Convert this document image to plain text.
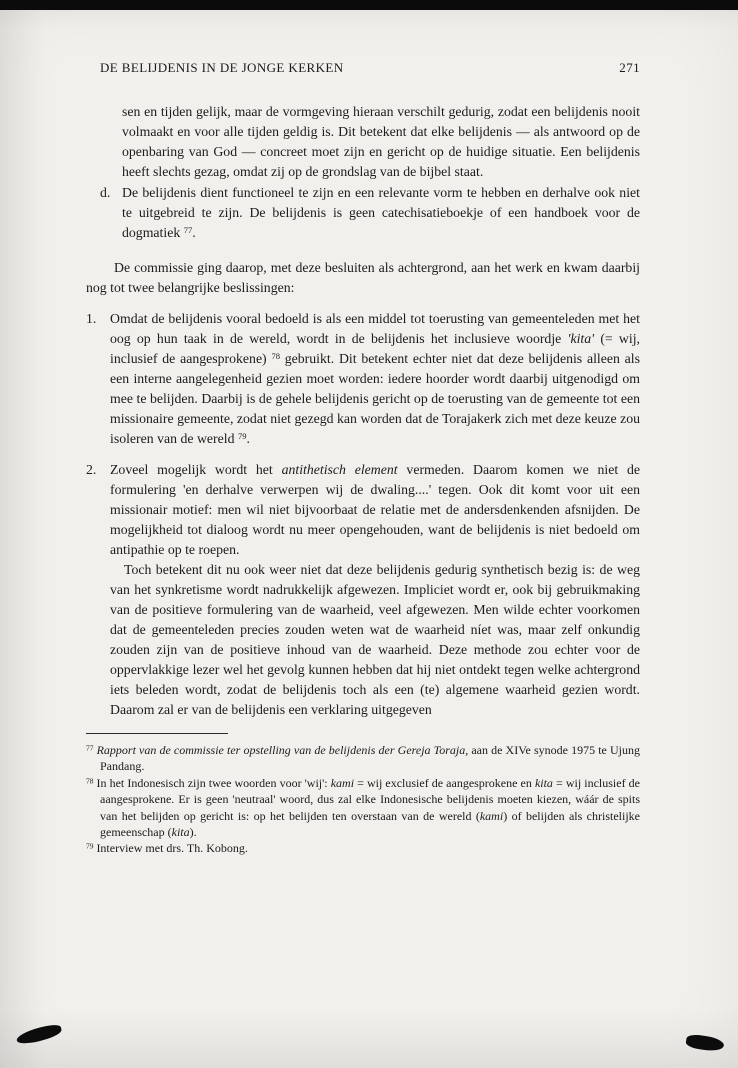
DE BELIJDENIS IN DE JONGE KERKEN	271
sen en tijden gelijk, maar de vormgeving hieraan verschilt gedurig, zodat een belijdenis nooit volmaakt en voor alle tijden geldig is. Dit betekent dat elke belijdenis — als antwoord op de openbaring van God — concreet moet zijn en gericht op de huidige situatie. Een belijdenis heeft slechts gezag, omdat zij op de grondslag van de bijbel staat.
d. De belijdenis dient functioneel te zijn en een relevante vorm te hebben en derhalve ook niet te uitgebreid te zijn. De belijdenis is geen catechisatieboekje of een handboek voor de dogmatiek $^{77}$.
De commissie ging daarop, met deze besluiten als achtergrond, aan het werk en kwam daarbij nog tot twee belangrijke beslissingen:
1. Omdat de belijdenis vooral bedoeld is als een middel tot toerusting van gemeenteleden met het oog op hun taak in de wereld, wordt in de belijdenis het inclusieve woordje 'kita' (= wij, inclusief de aangesprokene) $^{78}$ gebruikt. Dit betekent echter niet dat deze belijdenis alleen als een interne aangelegenheid gezien moet worden: iedere hoorder wordt daarbij uitgenodigd om mee te belijden. Daarbij is de gehele belijdenis gericht op de toerusting van de gemeente tot een missionaire gemeente, zodat niet gezegd kan worden dat de Torajakerk zich met deze keuze zou isoleren van de wereld $^{79}$.
2. Zoveel mogelijk wordt het antithetisch element vermeden. Daarom komen we niet de formulering 'en derhalve verwerpen wij de dwaling....' tegen. Ook dit komt voor uit een missionair motief: men wil niet bijvoorbaat de relatie met de andersdenkenden afsnijden. De mogelijkheid tot dialoog wordt nu meer opengehouden, want de belijdenis is niet bedoeld om antipathie op te roepen.
Toch betekent dit nu ook weer niet dat deze belijdenis gedurig synthetisch bezig is: de weg van het synkretisme wordt nadrukkelijk afgewezen. Impliciet wordt er, ook bij gebruikmaking van de positieve formulering van de waarheid, veel afgewezen. Men wilde echter voorkomen dat de gemeenteleden precies zouden weten wat de waarheid níet was, maar zelf onkundig zouden zijn van de positieve inhoud van de waarheid. Deze methode zou echter voor de oppervlakkige lezer wel het gevolg kunnen hebben dat hij niet ontdekt tegen welke achtergrond iets beleden wordt, zodat de belijdenis toch als een (te) algemene waarheid gezien wordt. Daarom zal er van de belijdenis een verklaring uitgegeven
$^{77}$ Rapport van de commissie ter opstelling van de belijdenis der Gereja Toraja, aan de XIVe synode 1975 te Ujung Pandang.
$^{78}$ In het Indonesisch zijn twee woorden voor 'wij': kami = wij exclusief de aangesprokene en kita = wij inclusief de aangesprokene. Er is geen 'neutraal' woord, dus zal elke Indonesische belijdenis moeten kiezen, wáár de spits van het belijden op gericht is: op het belijden ten overstaan van de wereld (kami) of belijden als christelijke gemeenschap (kita).
$^{79}$ Interview met drs. Th. Kobong.
